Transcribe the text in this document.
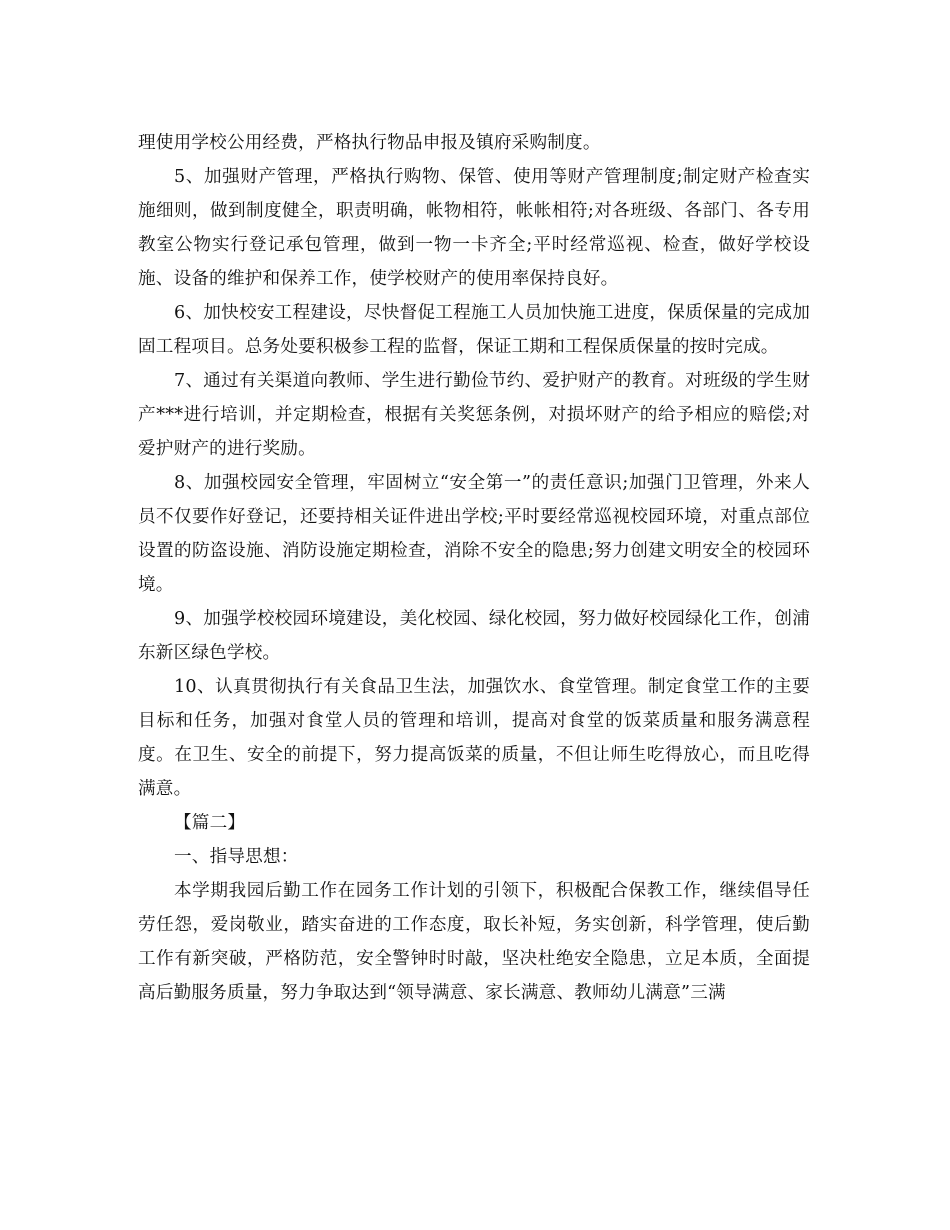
理使用学校公用经费，严格执行物品申报及镇府采购制度。

5、加强财产管理，严格执行购物、保管、使用等财产管理制度;制定财产检查实施细则，做到制度健全，职责明确，帐物相符，帐帐相符;对各班级、各部门、各专用教室公物实行登记承包管理，做到一物一卡齐全;平时经常巡视、检查，做好学校设施、设备的维护和保养工作，使学校财产的使用率保持良好。

6、加快校安工程建设，尽快督促工程施工人员加快施工进度，保质保量的完成加固工程项目。总务处要积极参工程的监督，保证工期和工程保质保量的按时完成。

7、通过有关渠道向教师、学生进行勤俭节约、爱护财产的教育。对班级的学生财产***进行培训，并定期检查，根据有关奖惩条例，对损坏财产的给予相应的赔偿;对爱护财产的进行奖励。

8、加强校园安全管理，牢固树立“安全第一”的责任意识;加强门卫管理，外来人员不仅要作好登记，还要持相关证件进出学校;平时要经常巡视校园环境，对重点部位设置的防盗设施、消防设施定期检查，消除不安全的隐患;努力创建文明安全的校园环境。

9、加强学校校园环境建设，美化校园、绿化校园，努力做好校园绿化工作，创浦东新区绿色学校。

10、认真贯彻执行有关食品卫生法，加强饮水、食堂管理。制定食堂工作的主要目标和任务，加强对食堂人员的管理和培训，提高对食堂的饭菜质量和服务满意程度。在卫生、安全的前提下，努力提高饭菜的质量，不但让师生吃得放心，而且吃得满意。

【篇二】

一、指导思想：

本学期我园后勤工作在园务工作计划的引领下，积极配合保教工作，继续倡导任劳任怨，爱岗敬业，踏实奋进的工作态度，取长补短，务实创新，科学管理，使后勤工作有新突破，严格防范，安全警钟时时敲，坚决杜绝安全隐患，立足本质，全面提高后勤服务质量，努力争取达到“领导满意、家长满意、教师幼儿满意”三满
